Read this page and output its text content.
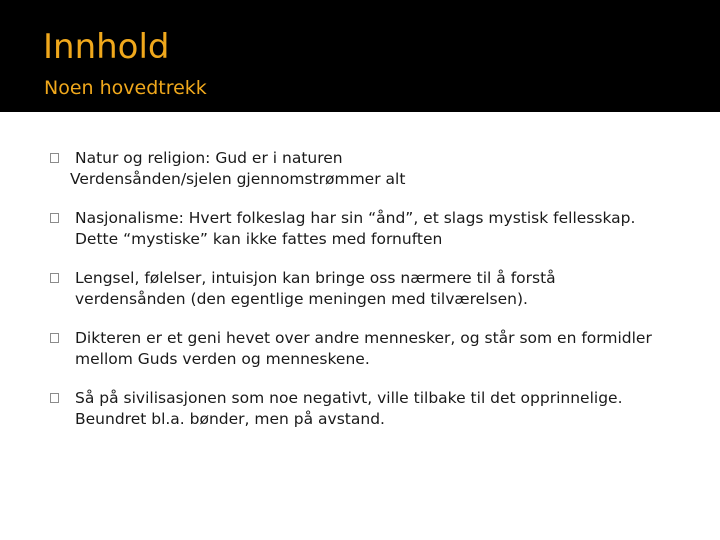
Innhold
Noen hovedtrekk
Natur og religion: Gud er i naturen
Verdensånden/sjelen gjennomstrømmer alt
Nasjonalisme: Hvert folkeslag har sin “ånd”, et slags mystisk fellesskap.
Dette “mystiske” kan ikke fattes med fornuften
Lengsel, følelser, intuisjon kan bringe oss nærmere til å forstå
verdensånden (den egentlige meningen med tilværelsen).
Dikteren er et geni hevet over andre mennesker, og står som en formidler
mellom Guds verden og menneskene.
Så på sivilisasjonen som noe negativt, ville tilbake til det opprinnelige.
Beundret bl.a. bønder, men på avstand.
